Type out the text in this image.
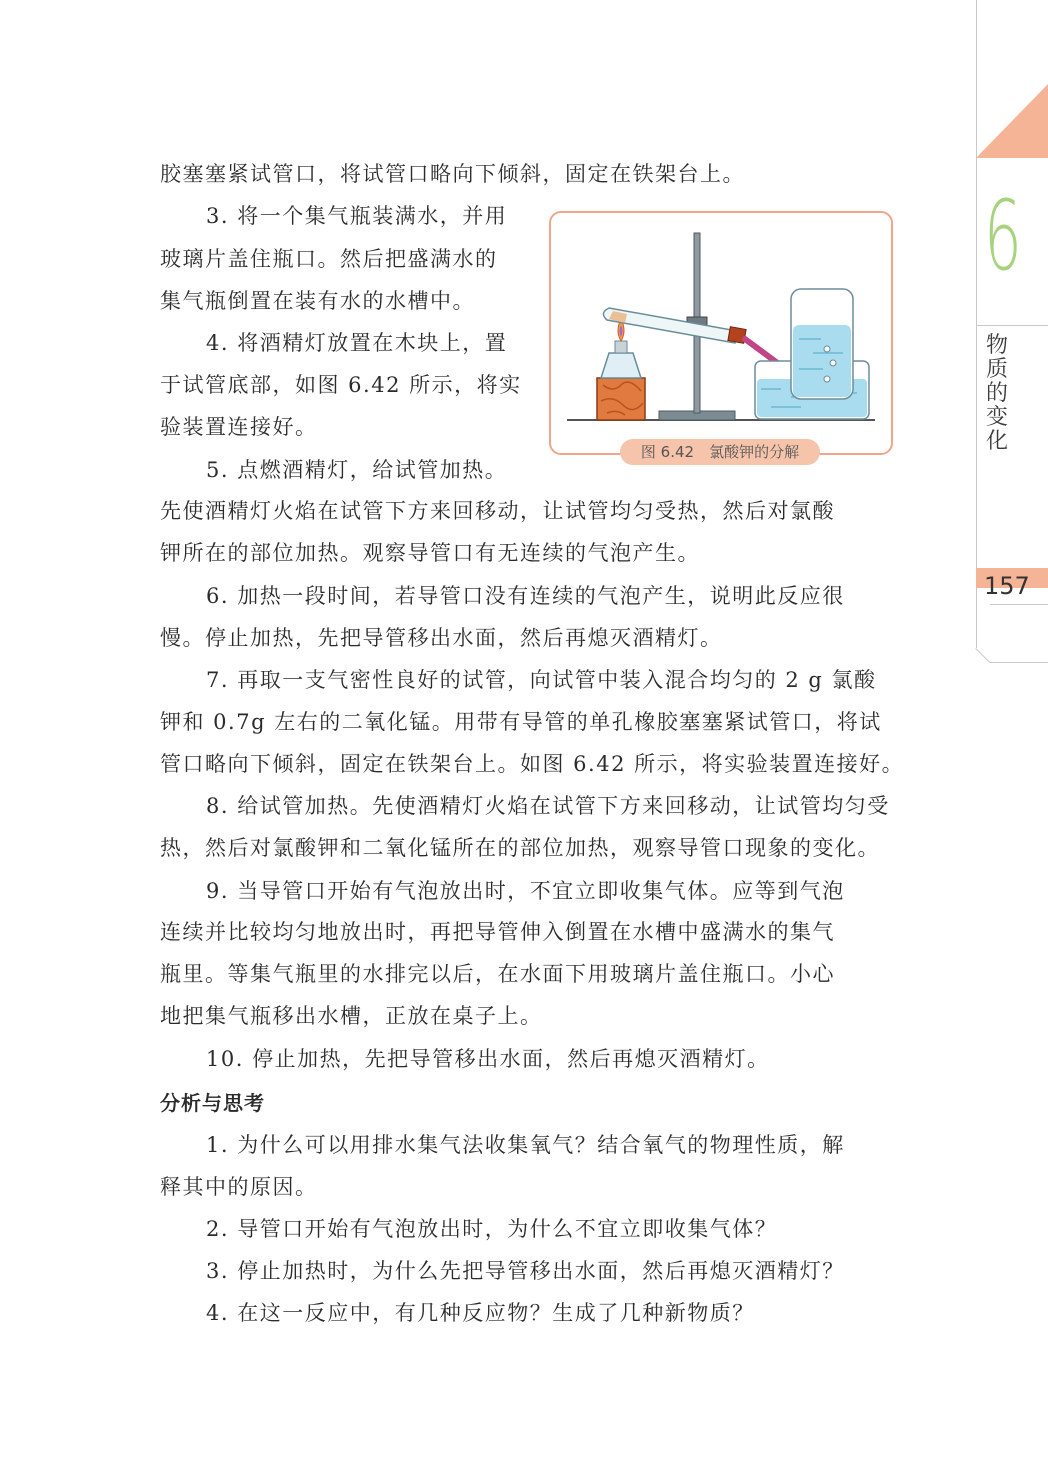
6
物质的变化
157
图 6.42　氯酸钾的分解
胶塞塞紧试管口，将试管口略向下倾斜，固定在铁架台上。
3. 将一个集气瓶装满水，并用
玻璃片盖住瓶口。然后把盛满水的
集气瓶倒置在装有水的水槽中。
4. 将酒精灯放置在木块上，置
于试管底部，如图 6.42 所示，将实
验装置连接好。
5. 点燃酒精灯，给试管加热。
先使酒精灯火焰在试管下方来回移动，让试管均匀受热，然后对氯酸
钾所在的部位加热。观察导管口有无连续的气泡产生。
6. 加热一段时间，若导管口没有连续的气泡产生，说明此反应很
慢。停止加热，先把导管移出水面，然后再熄灭酒精灯。
7. 再取一支气密性良好的试管，向试管中装入混合均匀的 2 g 氯酸
钾和 0.7g 左右的二氧化锰。用带有导管的单孔橡胶塞塞紧试管口，将试
管口略向下倾斜，固定在铁架台上。如图 6.42 所示，将实验装置连接好。
8. 给试管加热。先使酒精灯火焰在试管下方来回移动，让试管均匀受
热，然后对氯酸钾和二氧化锰所在的部位加热，观察导管口现象的变化。
9. 当导管口开始有气泡放出时，不宜立即收集气体。应等到气泡
连续并比较均匀地放出时，再把导管伸入倒置在水槽中盛满水的集气
瓶里。等集气瓶里的水排完以后，在水面下用玻璃片盖住瓶口。小心
地把集气瓶移出水槽，正放在桌子上。
10. 停止加热，先把导管移出水面，然后再熄灭酒精灯。
分析与思考
1. 为什么可以用排水集气法收集氧气？结合氧气的物理性质，解
释其中的原因。
2. 导管口开始有气泡放出时，为什么不宜立即收集气体？
3. 停止加热时，为什么先把导管移出水面，然后再熄灭酒精灯？
4. 在这一反应中，有几种反应物？生成了几种新物质？
